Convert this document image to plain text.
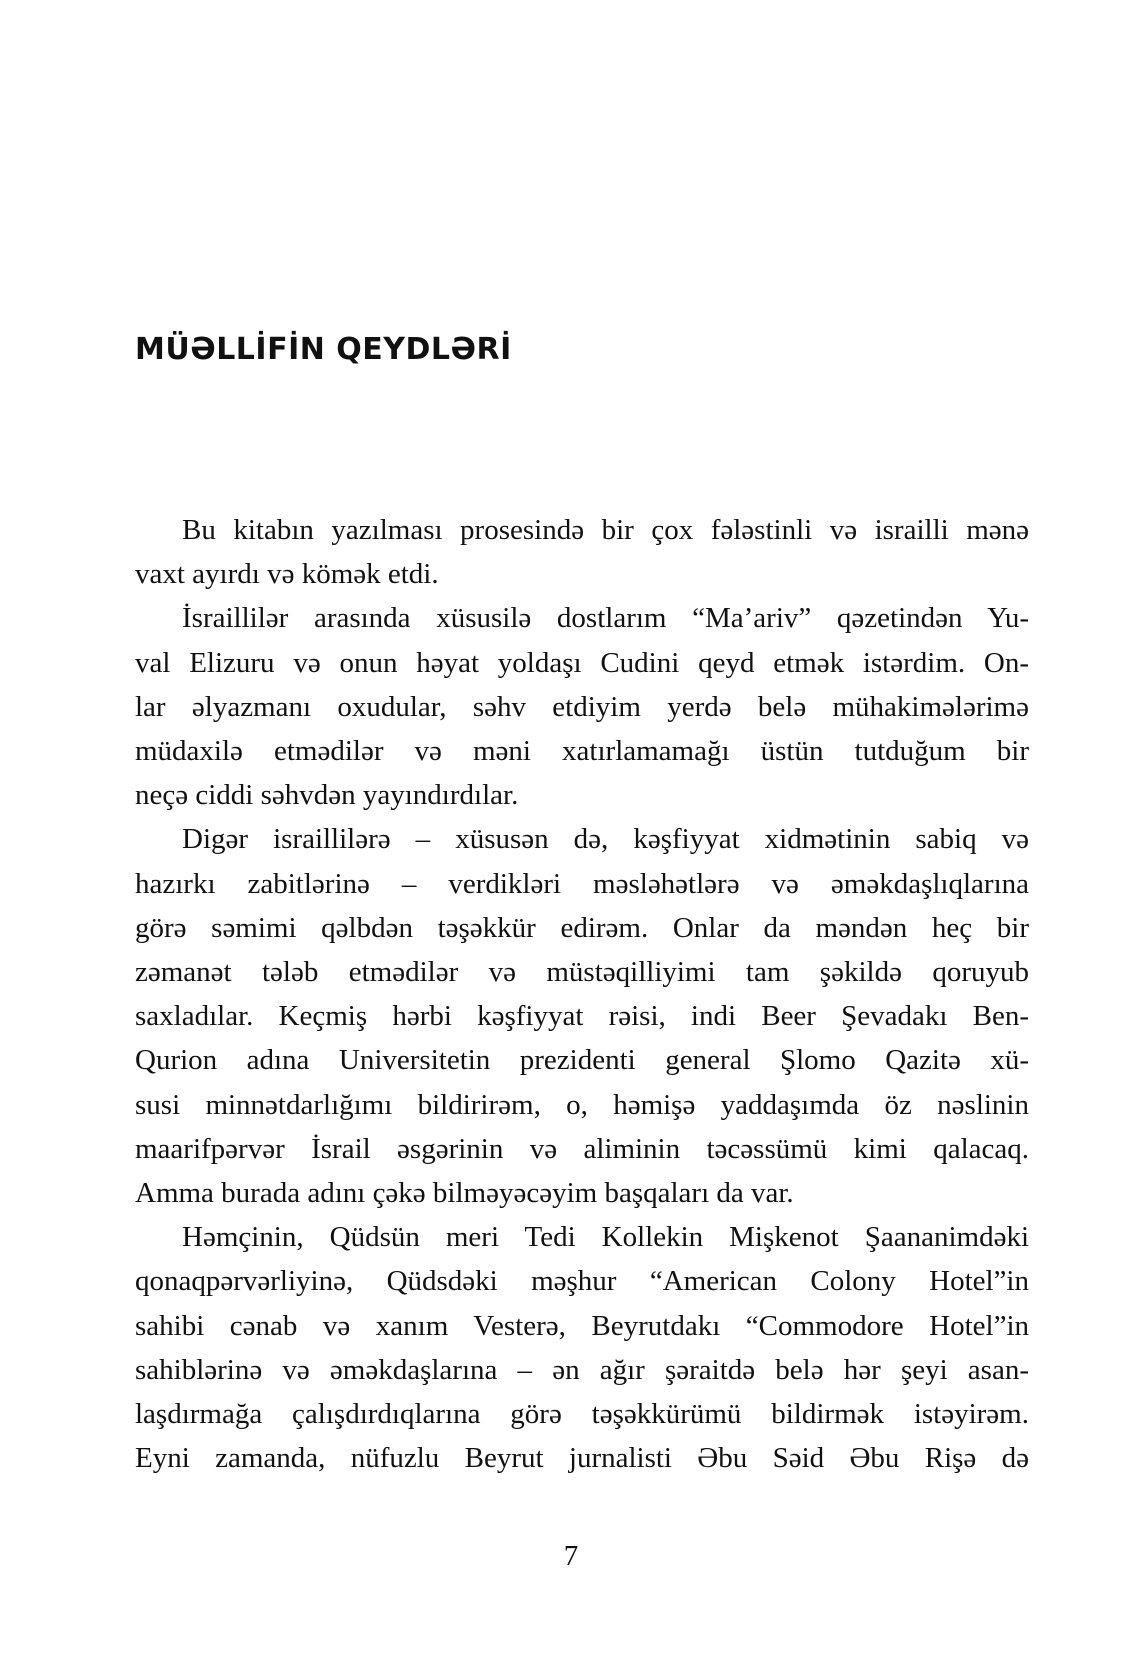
MÜƏLLİFİN QEYDLƏRİ
Bu kitabın yazılması prosesində bir çox fələstinli və israilli mənə
vaxt ayırdı və kömək etdi.
İsraillilər arasında xüsusilə dostlarım “Ma’ariv” qəzetindən Yu-
val Elizuru və onun həyat yoldaşı Cudini qeyd etmək istərdim. On-
lar əlyazmanı oxudular, səhv etdiyim yerdə belə mühakimələrimə
müdaxilə etmədilər və məni xatırlamamağı üstün tutduğum bir
neçə ciddi səhvdən yayındırdılar.
Digər israillilərə – xüsusən də, kəşfiyyat xidmətinin sabiq və
hazırkı zabitlərinə – verdikləri məsləhətlərə və əməkdaşlıqlarına
görə səmimi qəlbdən təşəkkür edirəm. Onlar da məndən heç bir
zəmanət tələb etmədilər və müstəqilliyimi tam şəkildə qoruyub
saxladılar. Keçmiş hərbi kəşfiyyat rəisi, indi Beer Şevadakı Ben-
Qurion adına Universitetin prezidenti general Şlomo Qazitə xü-
susi minnətdarlığımı bildirirəm, o, həmişə yaddaşımda öz nəslinin
maarifpərvər İsrail əsgərinin və aliminin təcəssümü kimi qalacaq.
Amma burada adını çəkə bilməyəcəyim başqaları da var.
Həmçinin, Qüdsün meri Tedi Kollekin Mişkenot Şaananimdəki
qonaqpərvərliyinə, Qüdsdəki məşhur “American Colony Hotel”in
sahibi cənab və xanım Vesterə, Beyrutdakı “Commodore Hotel”in
sahiblərinə və əməkdaşlarına – ən ağır şəraitdə belə hər şeyi asan-
laşdırmağa çalışdırdıqlarına görə təşəkkürümü bildirmək istəyirəm.
Eyni zamanda, nüfuzlu Beyrut jurnalisti Əbu Səid Əbu Rişə də
7
